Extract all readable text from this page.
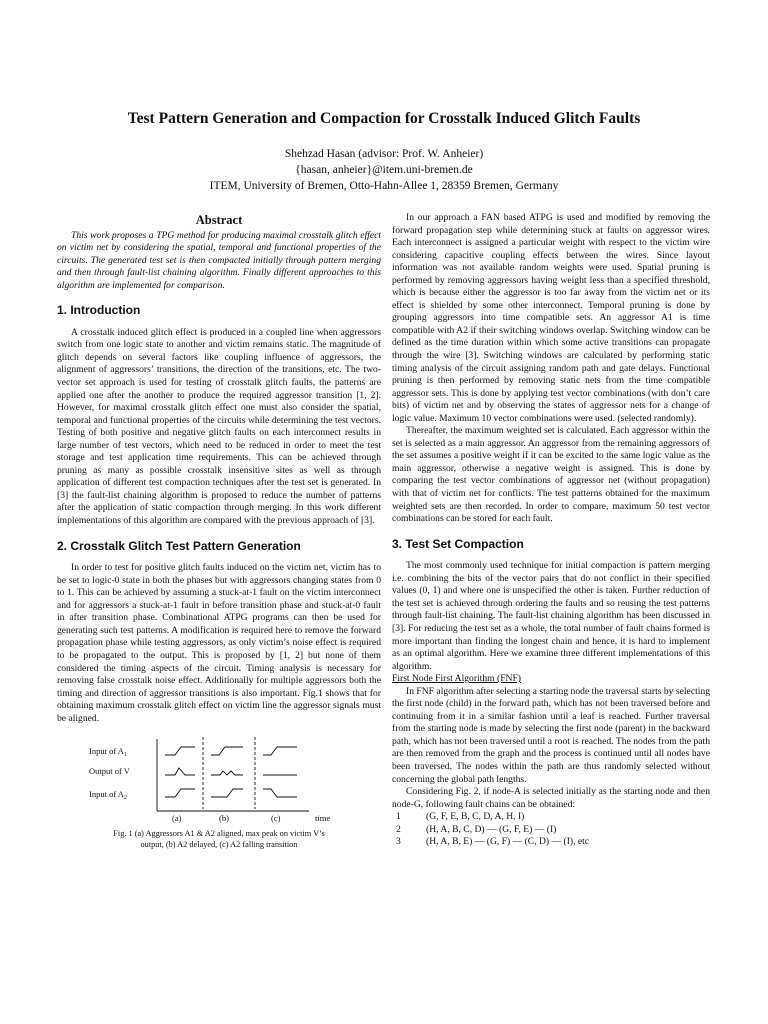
Test Pattern Generation and Compaction for Crosstalk Induced Glitch Faults
Shehzad Hasan (advisor: Prof. W. Anheier)
{hasan, anheier}@item.uni-bremen.de
ITEM, University of Bremen, Otto-Hahn-Allee 1, 28359 Bremen, Germany
Abstract

This work proposes a TPG method for producing maximal crosstalk glitch effect on victim net by considering the spatial, temporal and functional properties of the circuits. The generated test set is then compacted initially through pattern merging and then through fault-list chaining algorithm. Finally different approaches to this algorithm are implemented for comparison.

1. Introduction

A crosstalk induced glitch effect is produced in a coupled line when aggressors switch from one logic state to another and victim remains static. The magnitude of glitch depends on several factors like coupling influence of aggressors, the alignment of aggressors’ transitions, the direction of the transitions, etc. The two-vector set approach is used for testing of crosstalk glitch faults, the patterns are applied one after the another to produce the required aggressor transition [1, 2]. However, for maximal crosstalk glitch effect one must also consider the spatial, temporal and functional properties of the circuits while determining the test vectors. Testing of both positive and negative glitch faults on each interconnect results in large number of test vectors, which need to be reduced in order to meet the test storage and test application time requirements. This can be achieved through pruning as many as possible crosstalk insensitive sites as well as through application of different test compaction techniques after the test set is generated. In [3] the fault-list chaining algorithm is proposed to reduce the number of patterns after the application of static compaction through merging. In this work different implementations of this algorithm are compared with the previous approach of [3].

2. Crosstalk Glitch Test Pattern Generation

In order to test for positive glitch faults induced on the victim net, victim has to be set to logic-0 state in both the phases but with aggressors changing states from 0 to 1. This can be achieved by assuming a stuck-at-1 fault on the victim interconnect and for aggressors a stuck-at-1 fault in before transition phase and stuck-at-0 fault in after transition phase. Combinational ATPG programs can then be used for generating such test patterns. A modification is required here to remove the forward propagation phase while testing aggressors, as only victim’s noise effect is required to be propagated to the output. This is proposed by [1, 2] but none of them considered the timing aspects of the circuit. Timing analysis is necessary for removing false crosstalk noise effect. Additionally for multiple aggressors both the timing and direction of aggressor transitions is also important. Fig.1 shows that for obtaining maximum crosstalk glitch effect on victim line the aggressor signals must be aligned.

Input of $A_1$
Output of V
Input of $A_2$
(a)	(b)	(c)	time
Fig. 1 (a) Aggressors A1 & A2 aligned, max peak on victim V’s
output, (b) A2 delayed, (c) A2 falling transition

In our approach a FAN based ATPG is used and modified by removing the forward propagation step while determining stuck at faults on aggressor wires. Each interconnect is assigned a particular weight with respect to the victim wire considering capacitive coupling effects between the wires. Since layout information was not available random weights were used. Spatial pruning is performed by removing aggressors having weight less than a specified threshold, which is because either the aggressor is too far away from the victim net or its effect is shielded by some other interconnect. Temporal pruning is done by grouping aggressors into time compatible sets. An aggressor A1 is time compatible with A2 if their switching windows overlap. Switching window can be defined as the time duration within which some active transitions can propagate through the wire [3]. Switching windows are calculated by performing static timing analysis of the circuit assigning random path and gate delays. Functional pruning is then performed by removing static nets from the time compatible aggressor sets. This is done by applying test vector combinations (with don’t care bits) of victim net and by observing the states of aggressor nets for a change of logic value. Maximum 10 vector combinations were used. (selected randomly).

Thereafter, the maximum weighted set is calculated. Each aggressor within the set is selected as a main aggressor. An aggressor from the remaining aggressors of the set assumes a positive weight if it can be excited to the same logic value as the main aggressor, otherwise a negative weight is assigned. This is done by comparing the test vector combinations of aggressor net (without propagation) with that of victim net for conflicts. The test patterns obtained for the maximum weighted sets are then recorded. In order to compare, maximum 50 test vector combinations can be stored for each fault.

3. Test Set Compaction

The most commonly used technique for initial compaction is pattern merging i.e. combining the bits of the vector pairs that do not conflict in their specified values (0, 1) and where one is unspecified the other is taken. Further reduction of the test set is achieved through ordering the faults and so reusing the test patterns through fault-list chaining. The fault-list chaining algorithm has been discussed in [3]. For reducing the test set as a whole, the total number of fault chains formed is more important than finding the longest chain and hence, it is hard to implement as an optimal algorithm. Here we examine three different implementations of this algorithm.

First Node First Algorithm (FNF)

In FNF algorithm after selecting a starting node the traversal starts by selecting the first node (child) in the forward path, which has not been traversed before and continuing from it in a similar fashion until a leaf is reached. Further traversal from the starting node is made by selecting the first node (parent) in the backward path, which has not been traversed until a root is reached. The nodes from the path are then removed from the graph and the process is continued until all nodes have been traversed. The nodes within the path are thus randomly selected without concerning the global path lengths.

Considering Fig. 2, if node-A is selected initially as the starting node and then node-G, following fault chains can be obtained:

1	(G, F, E, B, C, D, A, H, I)
2	(H, A, B, C, D) — (G, F, E) — (I)
3	(H, A, B, E) — (G, F) — (C, D) — (I), etc
